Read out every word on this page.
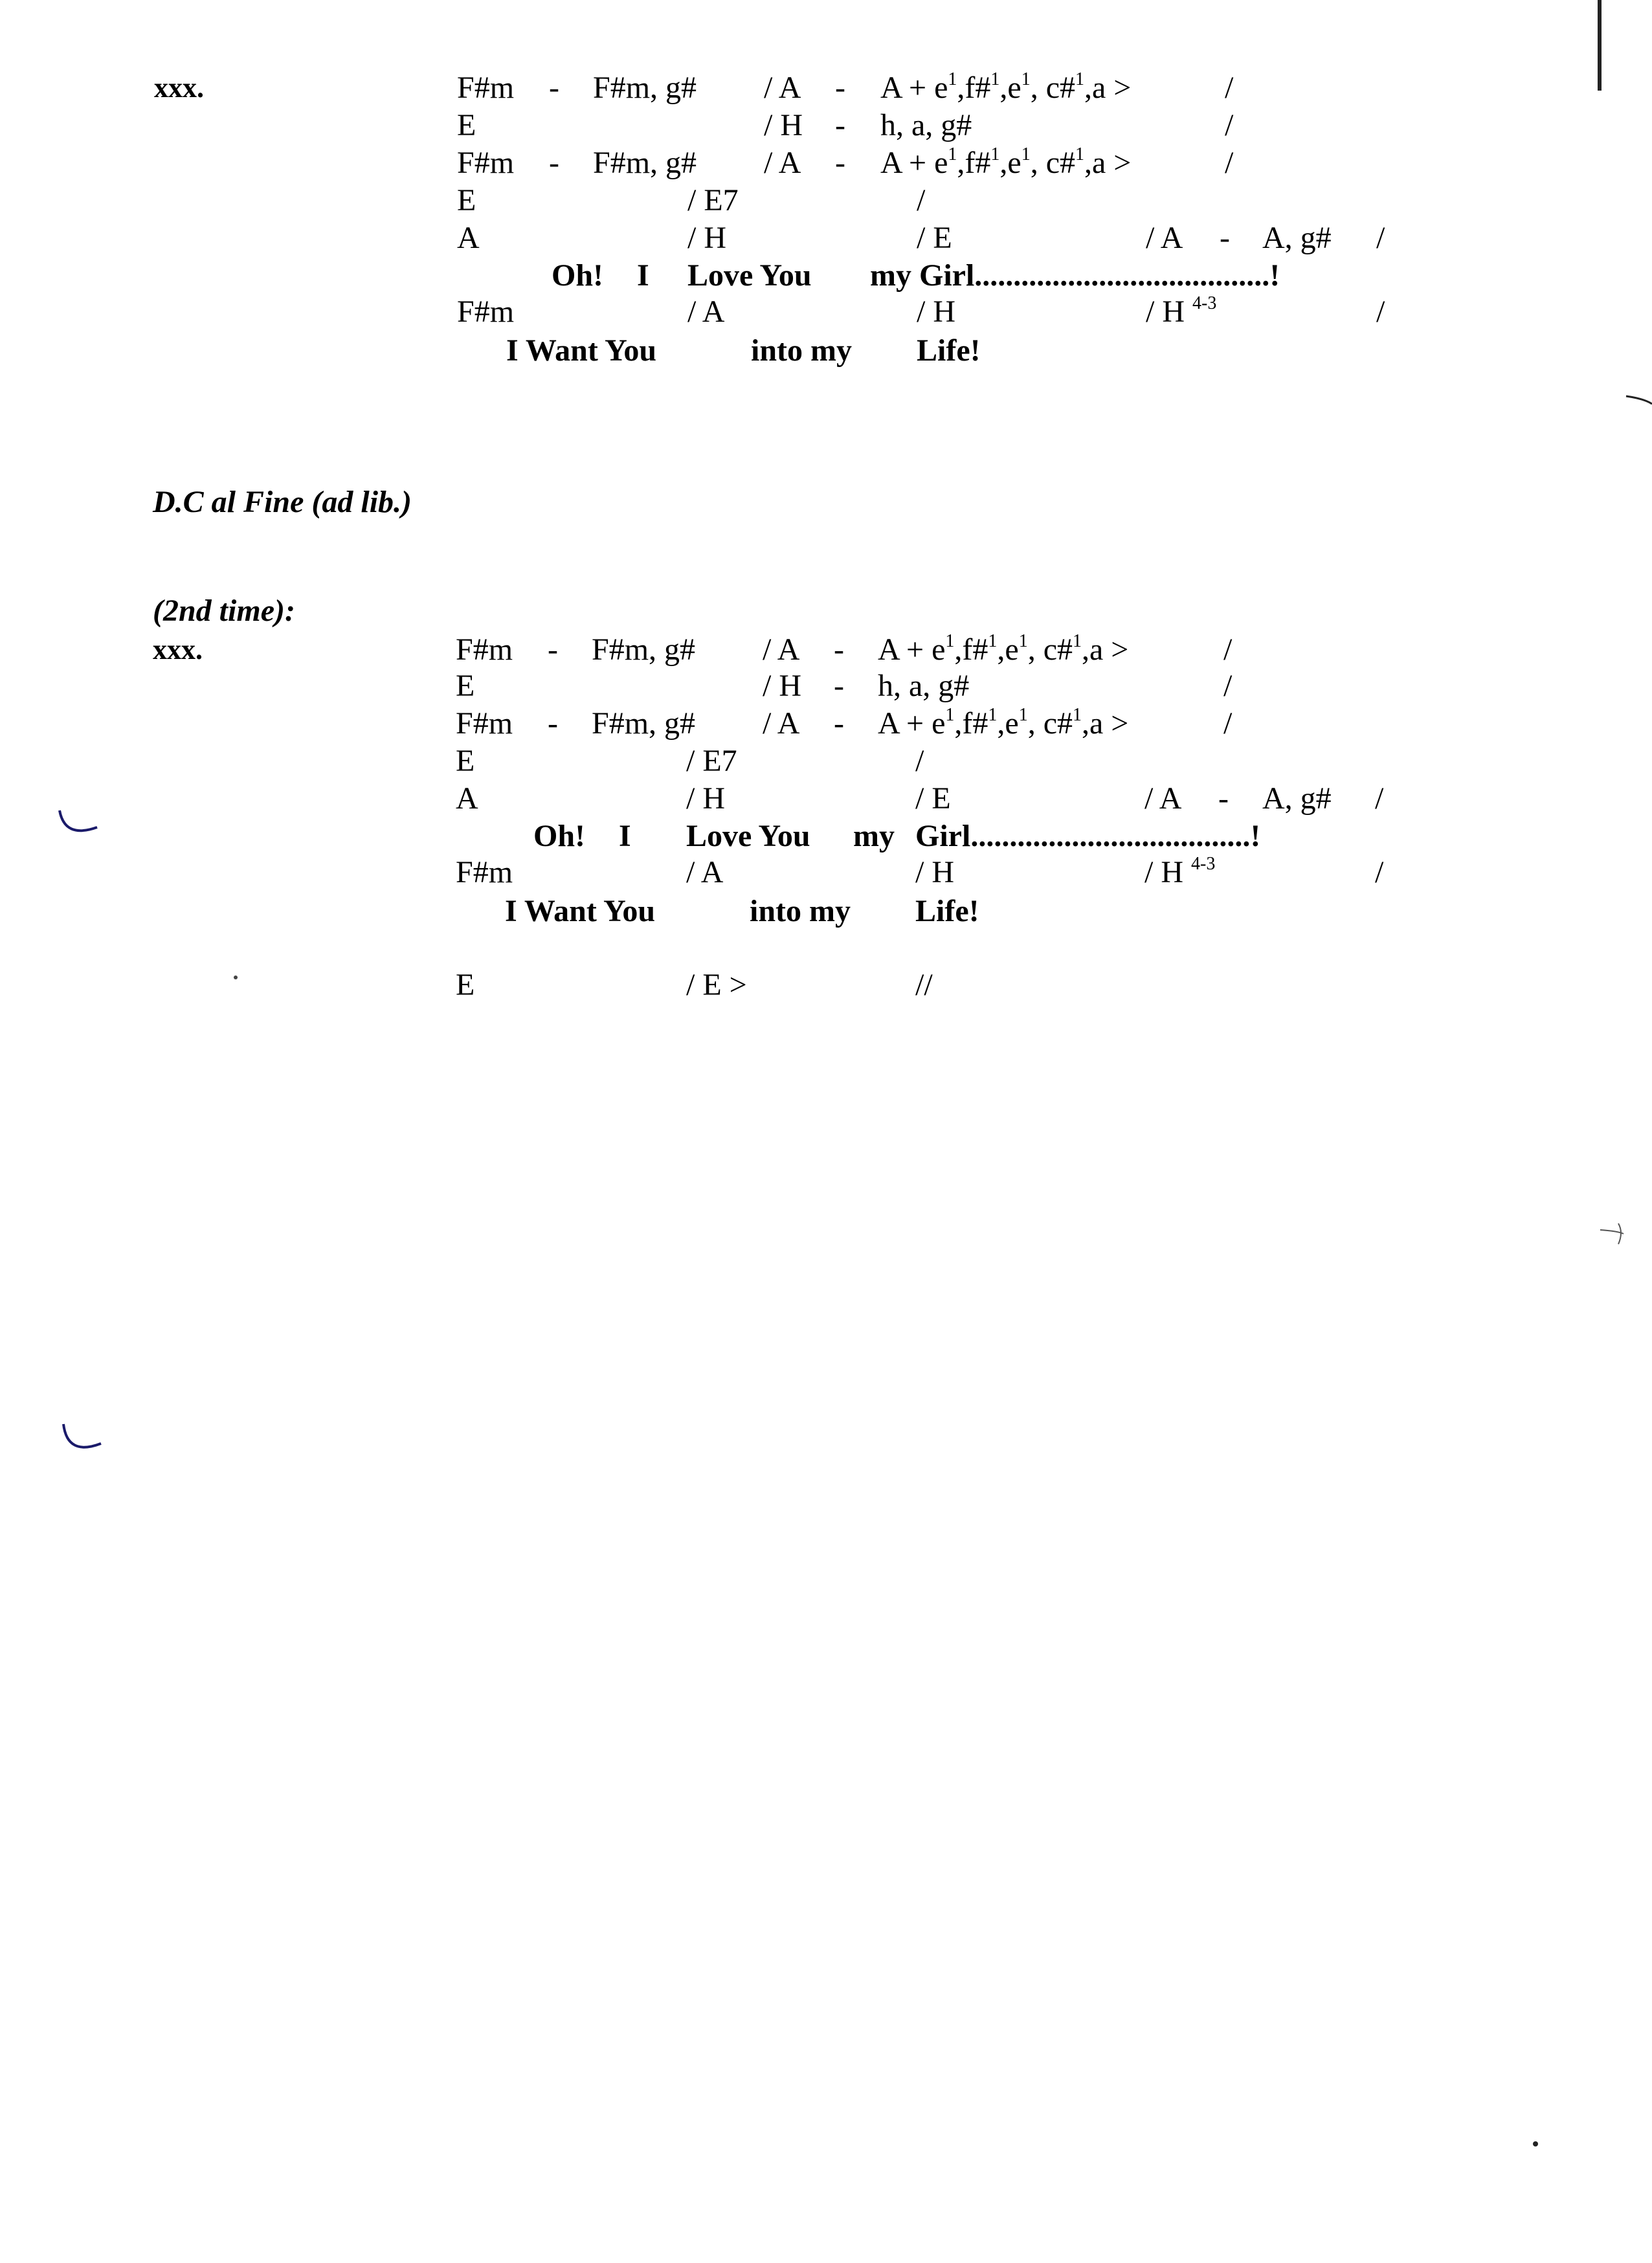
xxx.	F#m - F#m, g# / $A - A + e^1,f\#^1,e^1$, c#$^1$,a >	/
E	/ H - h, a, g#	/
F#m - F#m, g# / $A - A + e^1,f\#^1,e^1$, c#$^1$,a >	/
E	/ E7	/
A	/ H	/ E	/ A - A, g# /
Oh! I Love You my Girl......................................!
F#m	/ A	/ H	/ H $^{4-3}$	/
I Want You	into my Life!
D.C al Fine (ad lib.)
(2nd time):
xxx.	F#m - F#m, g# / $A - A + e^1,f\#^1,e^1$, c#$^1$,a >	/
E	/ H - h, a, g#	/
F#m - F#m, g# / $A - A + e^1,f\#^1,e^1$, c#$^1$,a >	/
E	/ E7	/
A	/ H	/ E	/ A - A, g# /
Oh! I Love You my Girl....................................!
F#m	/ A	/ H	/ H $^{4-3}$	/
I Want You	into my Life!
E	/ E >	//
